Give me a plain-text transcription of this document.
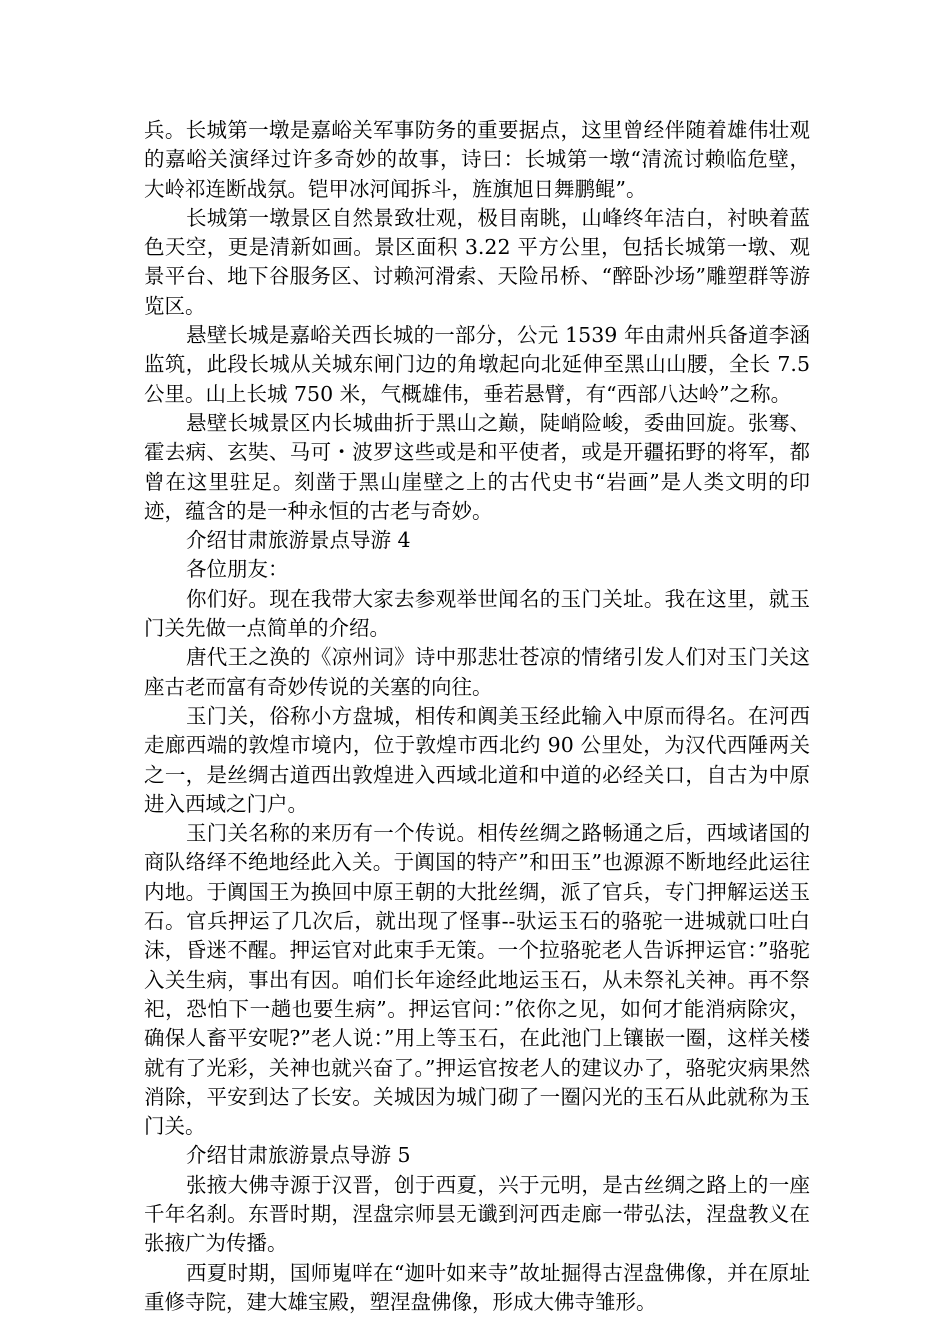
兵。长城第一墩是嘉峪关军事防务的重要据点，这里曾经伴随着雄伟壮观的嘉峪关演绎过许多奇妙的故事，诗曰：长城第一墩“清流讨赖临危壁，大岭祁连断战氛。铠甲冰河闻拆斗，旌旗旭日舞鹏鲲”。

长城第一墩景区自然景致壮观，极目南眺，山峰终年洁白，衬映着蓝色天空，更是清新如画。景区面积 3.22 平方公里，包括长城第一墩、观景平台、地下谷服务区、讨赖河滑索、天险吊桥、“醉卧沙场”雕塑群等游览区。

悬壁长城是嘉峪关西长城的一部分，公元 1539 年由肃州兵备道李涵监筑，此段长城从关城东闸门边的角墩起向北延伸至黑山山腰，全长 7.5 公里。山上长城 750 米，气概雄伟，垂若悬臂，有“西部八达岭”之称。

悬壁长城景区内长城曲折于黑山之巅，陡峭险峻，委曲回旋。张骞、霍去病、玄奘、马可・波罗这些或是和平使者，或是开疆拓野的将军，都曾在这里驻足。刻凿于黑山崖壁之上的古代史书“岩画”是人类文明的印迹，蕴含的是一种永恒的古老与奇妙。

介绍甘肃旅游景点导游 4

各位朋友：

你们好。现在我带大家去参观举世闻名的玉门关址。我在这里，就玉门关先做一点简单的介绍。

唐代王之涣的《凉州词》诗中那悲壮苍凉的情绪引发人们对玉门关这座古老而富有奇妙传说的关塞的向往。

玉门关，俗称小方盘城，相传和阗美玉经此输入中原而得名。在河西走廊西端的敦煌市境内，位于敦煌市西北约 90 公里处，为汉代西陲两关之一，是丝绸古道西出敦煌进入西域北道和中道的必经关口，自古为中原进入西域之门户。

玉门关名称的来历有一个传说。相传丝绸之路畅通之后，西域诸国的商队络绎不绝地经此入关。于阗国的特产”和田玉”也源源不断地经此运往内地。于阗国王为换回中原王朝的大批丝绸，派了官兵，专门押解运送玉石。官兵押运了几次后，就出现了怪事--驮运玉石的骆驼一进城就口吐白沫，昏迷不醒。押运官对此束手无策。一个拉骆驼老人告诉押运官：”骆驼入关生病，事出有因。咱们长年途经此地运玉石，从未祭礼关神。再不祭祀，恐怕下一趟也要生病”。押运官问：”依你之见，如何才能消病除灾，确保人畜平安呢?”老人说：”用上等玉石，在此池门上镶嵌一圈，这样关楼就有了光彩，关神也就兴奋了。”押运官按老人的建议办了，骆驼灾病果然消除，平安到达了长安。关城因为城门砌了一圈闪光的玉石从此就称为玉门关。

介绍甘肃旅游景点导游 5

张掖大佛寺源于汉晋，创于西夏，兴于元明，是古丝绸之路上的一座千年名刹。东晋时期，涅盘宗师昙无谶到河西走廊一带弘法，涅盘教义在张掖广为传播。

西夏时期，国师嵬咩在“迦叶如来寺”故址掘得古涅盘佛像，并在原址重修寺院，建大雄宝殿，塑涅盘佛像，形成大佛寺雏形。
